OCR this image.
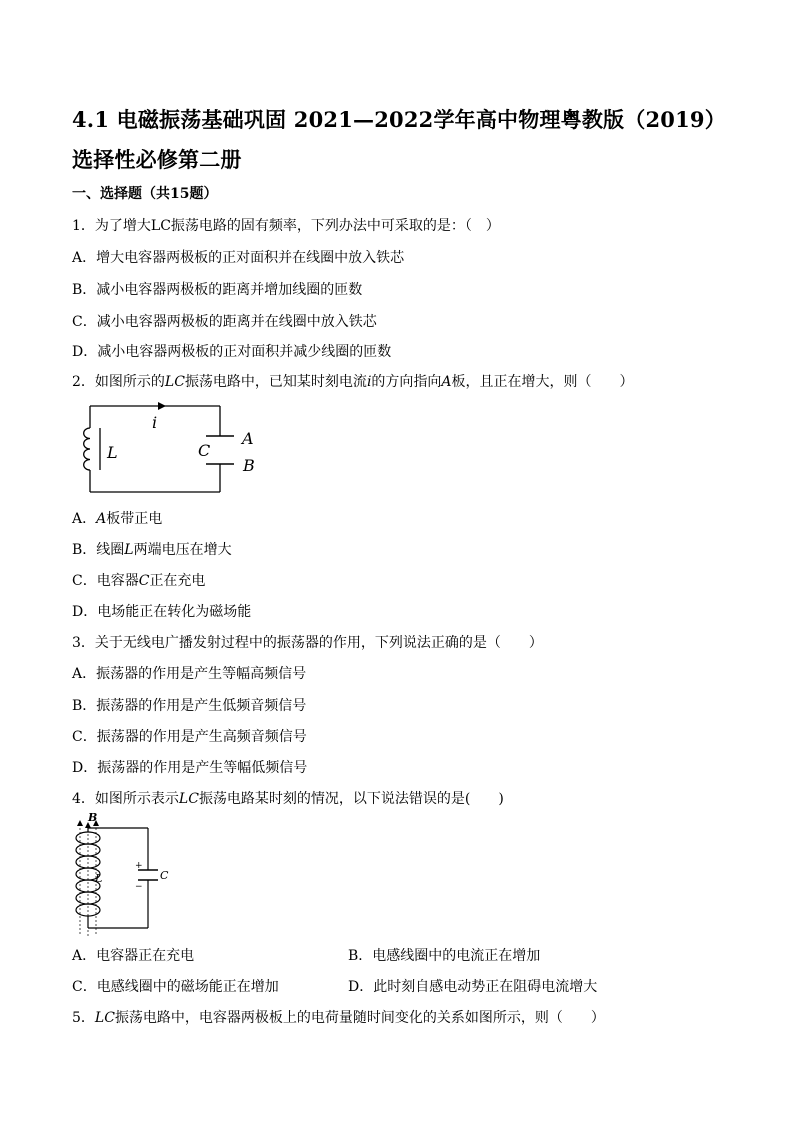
4.1 电磁振荡基础巩固 2021—2022学年高中物理粤教版（2019）选择性必修第二册
一、选择题（共15题）
1．为了增大LC振荡电路的固有频率，下列办法中可采取的是：（　）
A．增大电容器两极板的正对面积并在线圈中放入铁芯
B．减小电容器两极板的距离并增加线圈的匝数
C．减小电容器两极板的距离并在线圈中放入铁芯
D．减小电容器两极板的正对面积并减少线圈的匝数
2．如图所示的LC振荡电路中，已知某时刻电流i的方向指向A板，且正在增大，则（　　）
i
L	C
A
B
A．A板带正电
B．线圈L两端电压在增大
C．电容器C正在充电
D．电场能正在转化为磁场能
3．关于无线电广播发射过程中的振荡器的作用，下列说法正确的是（　　）
A．振荡器的作用是产生等幅高频信号
B．振荡器的作用是产生低频音频信号
C．振荡器的作用是产生高频音频信号
D．振荡器的作用是产生等幅低频信号
4．如图所示表示LC振荡电路某时刻的情况，以下说法错误的是(　　)
B
L
+
−
C
A．电容器正在充电	B．电感线圈中的电流正在增加
C．电感线圈中的磁场能正在增加	D．此时刻自感电动势正在阻碍电流增大
5．LC振荡电路中，电容器两极板上的电荷量随时间变化的关系如图所示，则（　　）
